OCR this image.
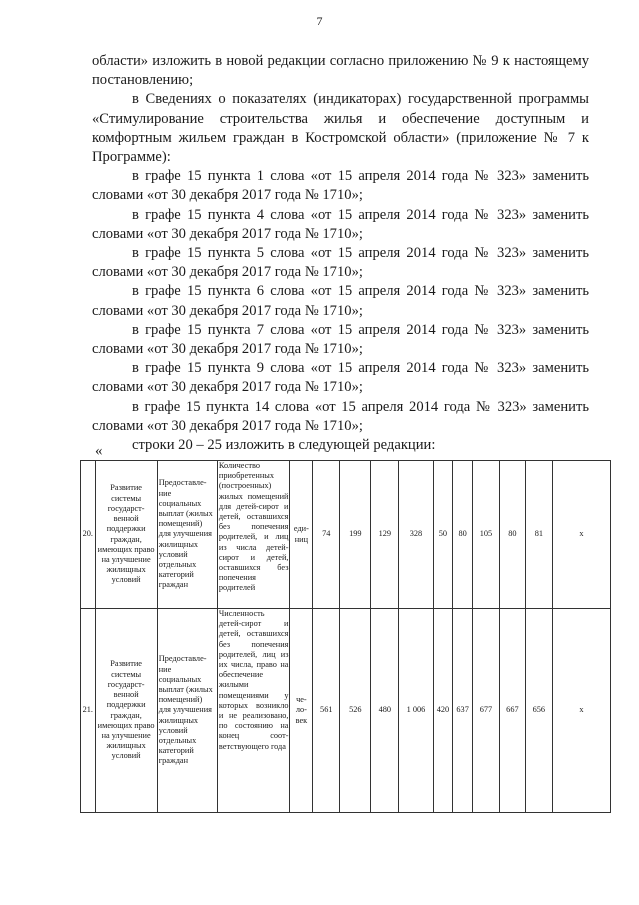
7

области» изложить в новой редакции согласно приложению № 9 к настоящему постановлению;

в Сведениях о показателях (индикаторах) государственной программы «Стимулирование строительства жилья и обеспечение доступным и комфортным жильем граждан в Костромской области» (приложение № 7 к Программе):

в графе 15 пункта 1 слова «от 15 апреля 2014 года № 323» заменить словами «от 30 декабря 2017 года № 1710»;

в графе 15 пункта 4 слова «от 15 апреля 2014 года № 323» заменить словами «от 30 декабря 2017 года № 1710»;

в графе 15 пункта 5 слова «от 15 апреля 2014 года № 323» заменить словами «от 30 декабря 2017 года № 1710»;

в графе 15 пункта 6 слова «от 15 апреля 2014 года № 323» заменить словами «от 30 декабря 2017 года № 1710»;

в графе 15 пункта 7 слова «от 15 апреля 2014 года № 323» заменить словами «от 30 декабря 2017 года № 1710»;

в графе 15 пункта 9 слова «от 15 апреля 2014 года № 323» заменить словами «от 30 декабря 2017 года № 1710»;

в графе 15 пункта 14 слова «от 15 апреля 2014 года № 323» заменить словами «от 30 декабря 2017 года № 1710»;

строки 20 – 25 изложить в следующей редакции:

«
20.	Развитие системы государст-венной поддержки граждан, имеющих право на улучшение жилищных условий	Предоставле-ние социальных выплат (жилых помещений) для улучшения жилищных условий отдельных категорий граждан	Количество приобретенных (построенных) жилых помещений для детей-сирот и детей, оставшихся без попечения родителей, и лиц из числа детей-сирот и детей, оставшихся без попечения родителей	еди-ниц	74	199	129	328	50	80	105	80	81	x
21.	Развитие системы государст-венной поддержки граждан, имеющих право на улучшение жилищных условий	Предоставле-ние социальных выплат (жилых помещений) для улучшения жилищных условий отдельных категорий граждан	Численность детей-сирот и детей, оставшихся без попечения родителей, лиц из их числа, право на обеспечение жилыми помещениями у которых возникло и не реализовано, по состоянию на конец соот-ветствующего года	че-ло-век	561	526	480	1 006	420	637	677	667	656	x
